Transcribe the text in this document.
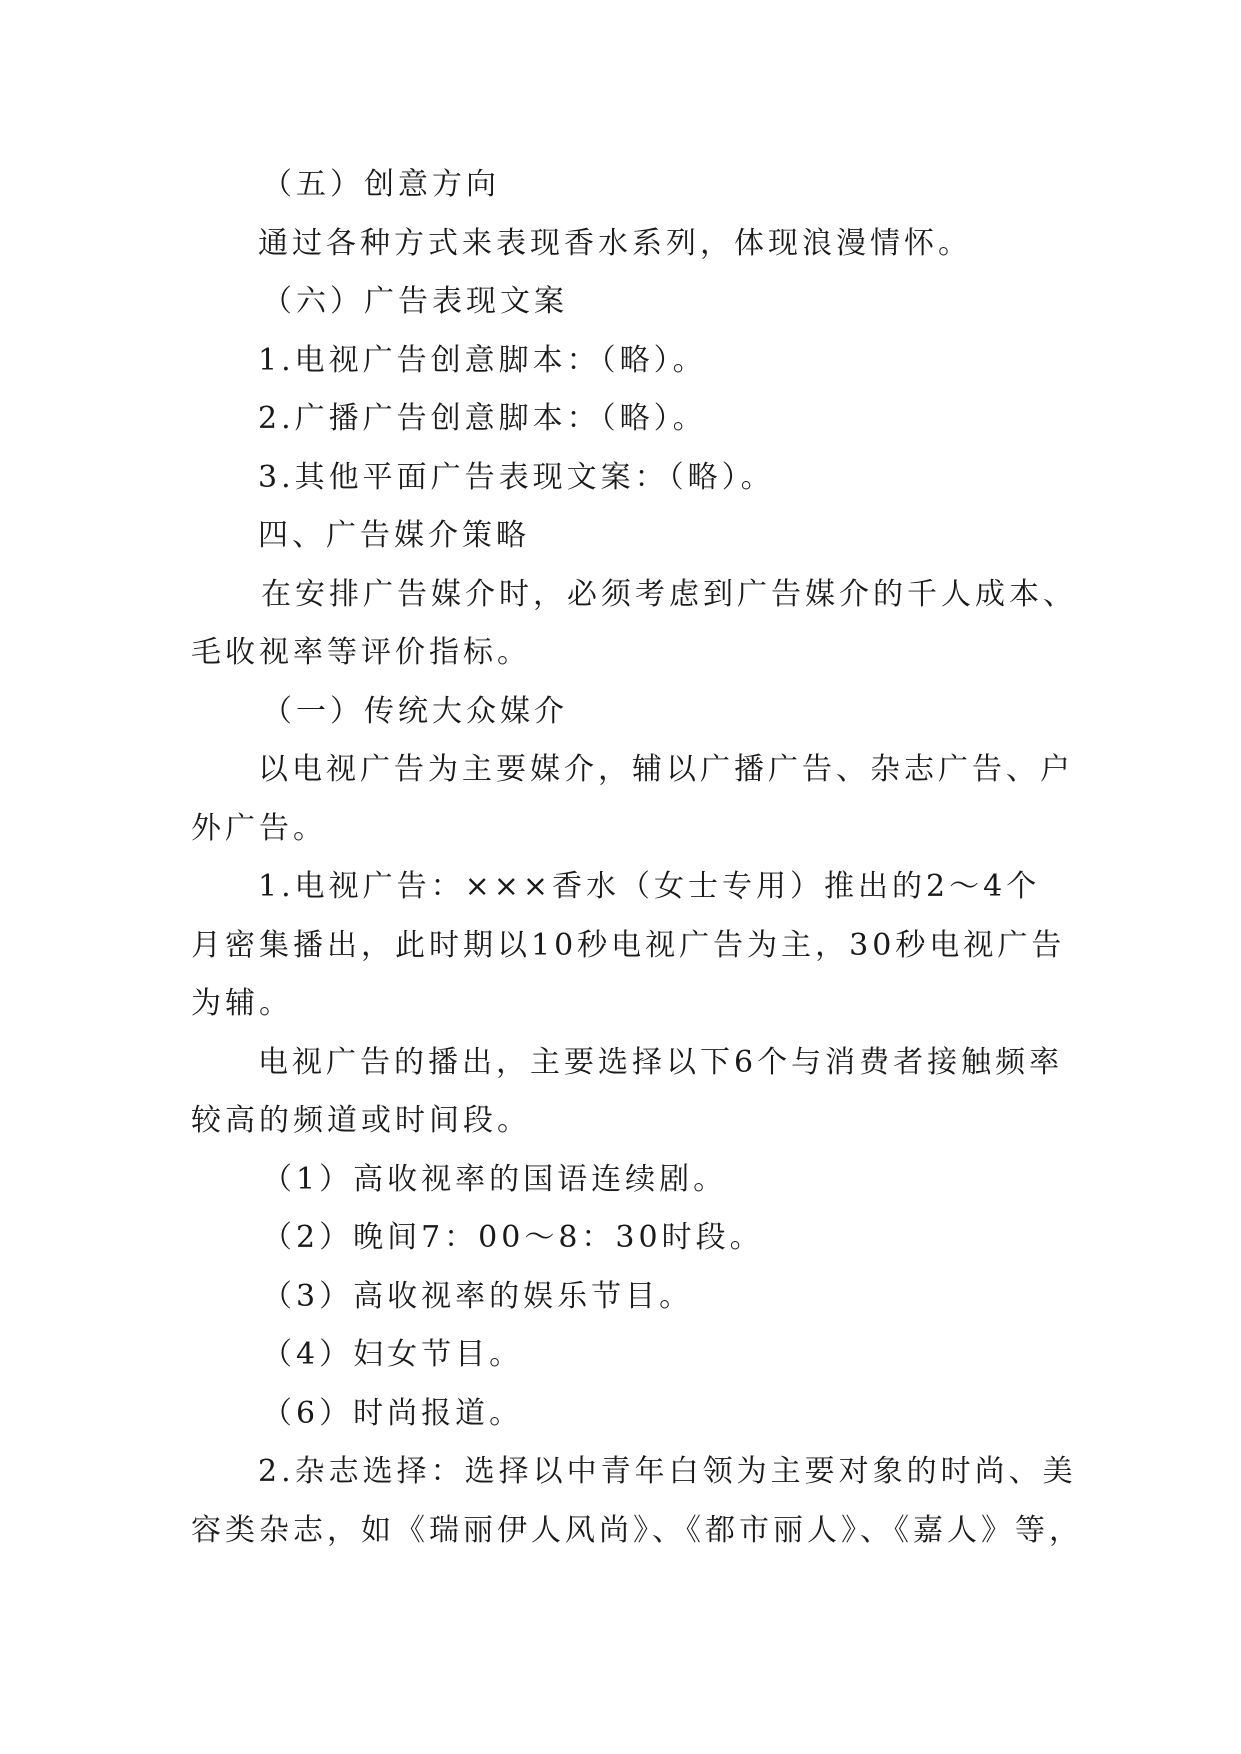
（五）创意方向
通过各种方式来表现香水系列，体现浪漫情怀。
（六）广告表现文案
1.电视广告创意脚本：（略）。
2.广播广告创意脚本：（略）。
3.其他平面广告表现文案：（略）。
四、广告媒介策略
在安排广告媒介时，必须考虑到广告媒介的千人成本、
毛收视率等评价指标。
（一）传统大众媒介
以电视广告为主要媒介，辅以广播广告、杂志广告、户
外广告。
1.电视广告：×××香水（女士专用）推出的2～4个
月密集播出，此时期以10秒电视广告为主，30秒电视广告
为辅。
电视广告的播出，主要选择以下6个与消费者接触频率
较高的频道或时间段。
（1）高收视率的国语连续剧。
（2）晚间7：00～8：30时段。
（3）高收视率的娱乐节目。
（4）妇女节目。
（6）时尚报道。
2.杂志选择：选择以中青年白领为主要对象的时尚、美
容类杂志，如《瑞丽伊人风尚》、《都市丽人》、《嘉人》等，
